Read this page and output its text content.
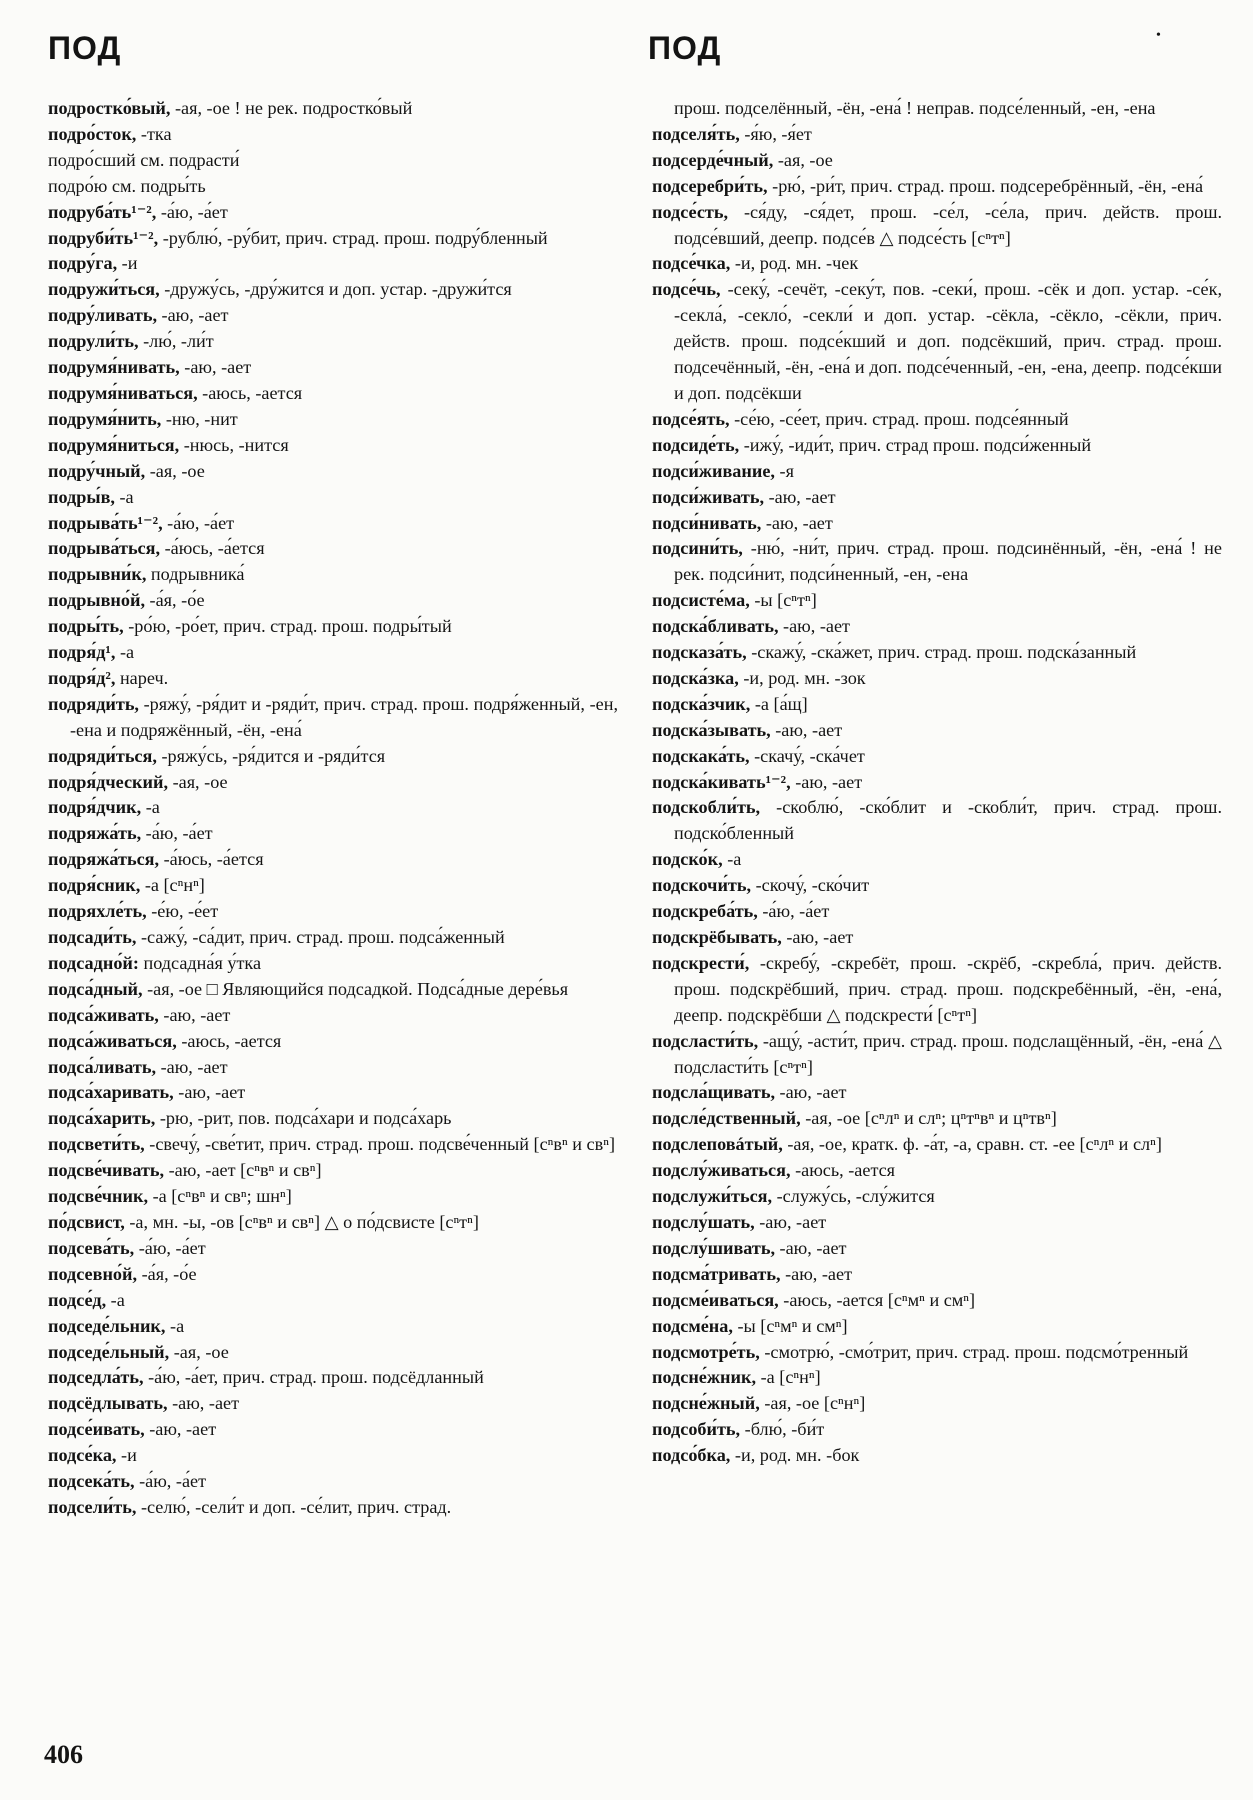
ПОД	ПОД	•
подростко́вый, -ая, -ое ! не рек. подростко́вый
подро́сток, -тка
подро́сший см. подрасти́
подро́ю см. подры́ть
подруба́ть¹⁻², -а́ю, -а́ет
подруби́ть¹⁻², -рублю́, -ру́бит, прич. страд. прош. подру́бленный
подру́га, -и
подружи́ться, -дружу́сь, -дру́жится и доп. устар. -дружи́тся
подру́ливать, -аю, -ает
подрули́ть, -лю́, -ли́т
подрумя́нивать, -аю, -ает
подрумя́ниваться, -аюсь, -ается
подрумя́нить, -ню, -нит
подрумя́ниться, -нюсь, -нится
подру́чный, -ая, -ое
подры́в, -а
подрыва́ть¹⁻², -а́ю, -а́ет
подрыва́ться, -а́юсь, -а́ется
подрывни́к, подрывника́
подрывно́й, -а́я, -о́е
подры́ть, -ро́ю, -ро́ет, прич. страд. прош. подры́тый
подря́д¹, -а
подря́д², нареч.
подряди́ть, -ряжу́, -ря́дит и -ряди́т, прич. страд. прош. подря́женный, -ен, -ена и подряжённый, -ён, -ена́
подряди́ться, -ряжу́сь, -ря́дится и -ряди́тся
подря́дческий, -ая, -ое
подря́дчик, -а
подряжа́ть, -а́ю, -а́ет
подряжа́ться, -а́юсь, -а́ется
подря́сник, -а [сⁿнⁿ]
подряхле́ть, -е́ю, -е́ет
подсади́ть, -сажу́, -са́дит, прич. страд. прош. подса́женный
подсадно́й: подсадна́я у́тка
подса́дный, -ая, -ое □ Являющийся подсадкой. Подса́дные дере́вья
подса́живать, -аю, -ает
подса́живаться, -аюсь, -ается
подса́ливать, -аю, -ает
подса́харивать, -аю, -ает
подса́харить, -рю, -рит, пов. подса́хари и подса́харь
подсвети́ть, -свечу́, -све́тит, прич. страд. прош. подсве́ченный [сⁿвⁿ и свⁿ]
подсве́чивать, -аю, -ает [сⁿвⁿ и свⁿ]
подсве́чник, -а [сⁿвⁿ и свⁿ; шнⁿ]
по́дсвист, -а, мн. -ы, -ов [сⁿвⁿ и свⁿ] △ о по́дсвисте [сⁿтⁿ]
подсева́ть, -а́ю, -а́ет
подсевно́й, -а́я, -о́е
подсе́д, -а
подседе́льник, -а
подседе́льный, -ая, -ое
подседла́ть, -а́ю, -а́ет, прич. страд. прош. подсёдланный
подсёдлывать, -аю, -ает
подсе́ивать, -аю, -ает
подсе́ка, -и
подсека́ть, -а́ю, -а́ет
подсели́ть, -селю́, -сели́т и доп. -се́лит, прич. страд.
прош. подселённый, -ён, -ена́ ! неправ. подсе́ленный, -ен, -ена
подселя́ть, -я́ю, -я́ет
подсерде́чный, -ая, -ое
подсеребри́ть, -рю́, -ри́т, прич. страд. прош. подсеребрённый, -ён, -ена́
подсе́сть, -ся́ду, -ся́дет, прош. -се́л, -се́ла, прич. действ. прош. подсе́вший, деепр. подсе́в △ подсе́сть [сⁿтⁿ]
подсе́чка, -и, род. мн. -чек
подсе́чь, -секу́, -сечёт, -секу́т, пов. -секи́, прош. -сёк и доп. устар. -се́к, -секла́, -секло́, -секли́ и доп. устар. -сёкла, -сёкло, -сёкли, прич. действ. прош. подсе́кший и доп. подсёкший, прич. страд. прош. подсечённый, -ён, -ена́ и доп. подсе́ченный, -ен, -ена, деепр. подсе́кши и доп. подсёкши
подсе́ять, -се́ю, -се́ет, прич. страд. прош. подсе́янный
подсиде́ть, -ижу́, -иди́т, прич. страд прош. подси́женный
подси́живание, -я
подси́живать, -аю, -ает
подси́нивать, -аю, -ает
подсини́ть, -ню́, -ни́т, прич. страд. прош. подсинённый, -ён, -ена́ ! не рек. подси́нит, подси́ненный, -ен, -ена
подсисте́ма, -ы [сⁿтⁿ]
подска́бливать, -аю, -ает
подсказа́ть, -скажу́, -ска́жет, прич. страд. прош. подска́занный
подска́зка, -и, род. мн. -зок
подска́зчик, -а [а́щ]
подска́зывать, -аю, -ает
подскака́ть, -скачу́, -ска́чет
подска́кивать¹⁻², -аю, -ает
подскобли́ть, -скоблю́, -ско́блит и -скобли́т, прич. страд. прош. подско́бленный
подско́к, -а
подскочи́ть, -скочу́, -ско́чит
подскреба́ть, -а́ю, -а́ет
подскрёбывать, -аю, -ает
подскрести́, -скребу́, -скребёт, прош. -скрёб, -скребла́, прич. действ. прош. подскрёбший, прич. страд. прош. подскребённый, -ён, -ена́, деепр. подскрёбши △ подскрести́ [сⁿтⁿ]
подсласти́ть, -ащу́, -асти́т, прич. страд. прош. подслащённый, -ён, -ена́ △ подсласти́ть [сⁿтⁿ]
подсла́щивать, -аю, -ает
подсле́дственный, -ая, -ое [сⁿлⁿ и слⁿ; цⁿтⁿвⁿ и цⁿтвⁿ]
подслеповáтый, -ая, -ое, кратк. ф. -а́т, -а, сравн. ст. -ее [сⁿлⁿ и слⁿ]
подслу́живаться, -аюсь, -ается
подслужи́ться, -служу́сь, -слу́жится
подслу́шать, -аю, -ает
подслу́шивать, -аю, -ает
подсма́тривать, -аю, -ает
подсме́иваться, -аюсь, -ается [сⁿмⁿ и смⁿ]
подсме́на, -ы [сⁿмⁿ и смⁿ]
подсмотре́ть, -смотрю́, -смо́трит, прич. страд. прош. подсмо́тренный
подсне́жник, -а [сⁿнⁿ]
подсне́жный, -ая, -ое [сⁿнⁿ]
подсоби́ть, -блю́, -би́т
подсо́бка, -и, род. мн. -бок
406
